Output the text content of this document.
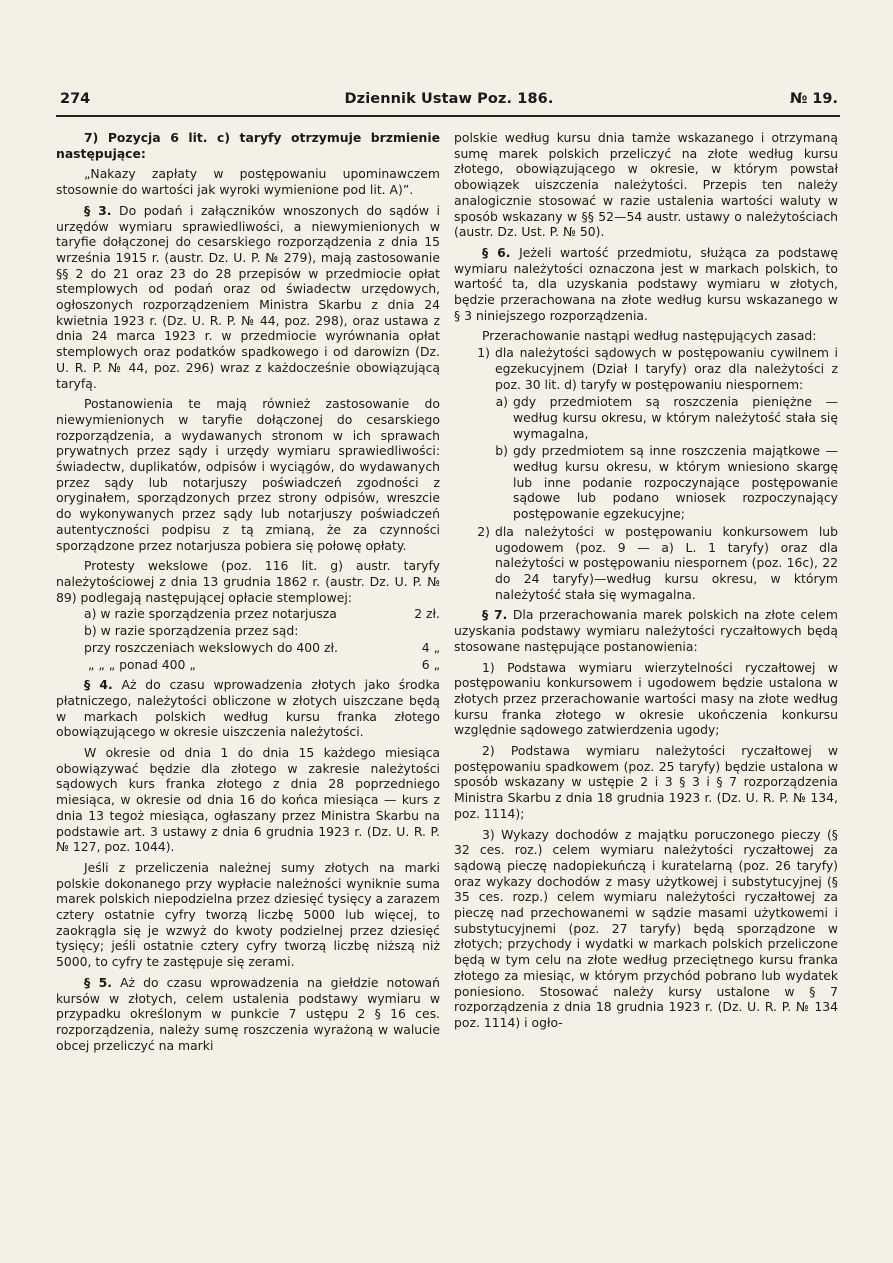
274	Dziennik Ustaw Poz. 186.	№ 19.

7) Pozycja 6 lit. c) taryfy otrzymuje brzmienie następujące:

„Nakazy zapłaty w postępowaniu upominawczem stosownie do wartości jak wyroki wymienione pod lit. A)”.

§ 3. Do podań i załączników wnoszonych do sądów i urzędów wymiaru sprawiedliwości, a niewymienionych w taryfie dołączonej do cesarskiego rozporządzenia z dnia 15 września 1915 r. (austr. Dz. U. P. № 279), mają zastosowanie §§ 2 do 21 oraz 23 do 28 przepisów w przedmiocie opłat stemplowych od podań oraz od świadectw urzędowych, ogłoszonych rozporządzeniem Ministra Skarbu z dnia 24 kwietnia 1923 r. (Dz. U. R. P. № 44, poz. 298), oraz ustawa z dnia 24 marca 1923 r. w przedmiocie wyrównania opłat stemplowych oraz podatków spadkowego i od darowizn (Dz. U. R. P. № 44, poz. 296) wraz z każdocześnie obowiązującą taryfą.

Postanowienia te mają również zastosowanie do niewymienionych w taryfie dołączonej do cesarskiego rozporządzenia, a wydawanych stronom w ich sprawach prywatnych przez sądy i urzędy wymiaru sprawiedliwości: świadectw, duplikatów, odpisów i wyciągów, do wydawanych przez sądy lub notarjuszy poświadczeń zgodności z oryginałem, sporządzonych przez strony odpisów, wreszcie do wykonywanych przez sądy lub notarjuszy poświadczeń autentyczności podpisu z tą zmianą, że za czynności sporządzone przez notarjusza pobiera się połowę opłaty.

Protesty wekslowe (poz. 116 lit. g) austr. taryfy należytościowej z dnia 13 grudnia 1862 r. (austr. Dz. U. P. № 89) podlegają następującej opłacie stemplowej:

a) w razie sporządzenia przez notarjusza	2 zł.
b) w razie sporządzenia przez sąd:
przy roszczeniach wekslowych do 400 zł.	4 „
„ „ „ ponad 400 „	6 „

§ 4. Aż do czasu wprowadzenia złotych jako środka płatniczego, należytości obliczone w złotych uiszczane będą w markach polskich według kursu franka złotego obowiązującego w okresie uiszczenia należytości.

W okresie od dnia 1 do dnia 15 każdego miesiąca obowiązywać będzie dla złotego w zakresie należytości sądowych kurs franka złotego z dnia 28 poprzedniego miesiąca, w okresie od dnia 16 do końca miesiąca — kurs z dnia 13 tegoż miesiąca, ogłaszany przez Ministra Skarbu na podstawie art. 3 ustawy z dnia 6 grudnia 1923 r. (Dz. U. R. P. № 127, poz. 1044).

Jeśli z przeliczenia należnej sumy złotych na marki polskie dokonanego przy wypłacie należności wyniknie suma marek polskich niepodzielna przez dziesięć tysięcy a zarazem cztery ostatnie cyfry tworzą liczbę 5000 lub więcej, to zaokrągla się je wzwyż do kwoty podzielnej przez dziesięć tysięcy; jeśli ostatnie cztery cyfry tworzą liczbę niższą niż 5000, to cyfry te zastępuje się zerami.

§ 5. Aż do czasu wprowadzenia na giełdzie notowań kursów w złotych, celem ustalenia podstawy wymiaru w przypadku określonym w punkcie 7 ustępu 2 § 16 ces. rozporządzenia, należy sumę roszczenia wyrażoną w walucie obcej przeliczyć na marki

polskie według kursu dnia tamże wskazanego i otrzymaną sumę marek polskich przeliczyć na złote według kursu złotego, obowiązującego w okresie, w którym powstał obowiązek uiszczenia należytości. Przepis ten należy analogicznie stosować w razie ustalenia wartości waluty w sposób wskazany w §§ 52—54 austr. ustawy o należytościach (austr. Dz. Ust. P. № 50).

§ 6. Jeżeli wartość przedmiotu, służąca za podstawę wymiaru należytości oznaczona jest w markach polskich, to wartość ta, dla uzyskania podstawy wymiaru w złotych, będzie przerachowana na złote według kursu wskazanego w § 3 niniejszego rozporządzenia.

Przerachowanie nastąpi według następujących zasad:

1) dla należytości sądowych w postępowaniu cywilnem i egzekucyjnem (Dział I taryfy) oraz dla należytości z poz. 30 lit. d) taryfy w postępowaniu niespornem:
a) gdy przedmiotem są roszczenia pieniężne — według kursu okresu, w którym należytość stała się wymagalna,
b) gdy przedmiotem są inne roszczenia majątkowe — według kursu okresu, w którym wniesiono skargę lub inne podanie rozpoczynające postępowanie sądowe lub podano wniosek rozpoczynający postępowanie egzekucyjne;
2) dla należytości w postępowaniu konkursowem lub ugodowem (poz. 9 — a) L. 1 taryfy) oraz dla należytości w postępowaniu niespornem (poz. 16c), 22 do 24 taryfy)—według kursu okresu, w którym należytość stała się wymagalna.

§ 7. Dla przerachowania marek polskich na złote celem uzyskania podstawy wymiaru należytości ryczałtowych będą stosowane następujące postanowienia:

1) Podstawa wymiaru wierzytelności ryczałtowej w postępowaniu konkursowem i ugodowem będzie ustalona w złotych przez przerachowanie wartości masy na złote według kursu franka złotego w okresie ukończenia konkursu względnie sądowego zatwierdzenia ugody;

2) Podstawa wymiaru należytości ryczałtowej w postępowaniu spadkowem (poz. 25 taryfy) będzie ustalona w sposób wskazany w ustępie 2 i 3 § 3 i § 7 rozporządzenia Ministra Skarbu z dnia 18 grudnia 1923 r. (Dz. U. R. P. № 134, poz. 1114);

3) Wykazy dochodów z majątku poruczonego pieczy (§ 32 ces. roz.) celem wymiaru należytości ryczałtowej za sądową pieczę nadopiekuńczą i kuratelarną (poz. 26 taryfy) oraz wykazy dochodów z masy użytkowej i substytucyjnej (§ 35 ces. rozp.) celem wymiaru należytości ryczałtowej za pieczę nad przechowanemi w sądzie masami użytkowemi i substytucyjnemi (poz. 27 taryfy) będą sporządzone w złotych; przychody i wydatki w markach polskich przeliczone będą w tym celu na złote według przeciętnego kursu franka złotego za miesiąc, w którym przychód pobrano lub wydatek poniesiono. Stosować należy kursy ustalone w § 7 rozporządzenia z dnia 18 grudnia 1923 r. (Dz. U. R. P. № 134 poz. 1114) i ogło-
